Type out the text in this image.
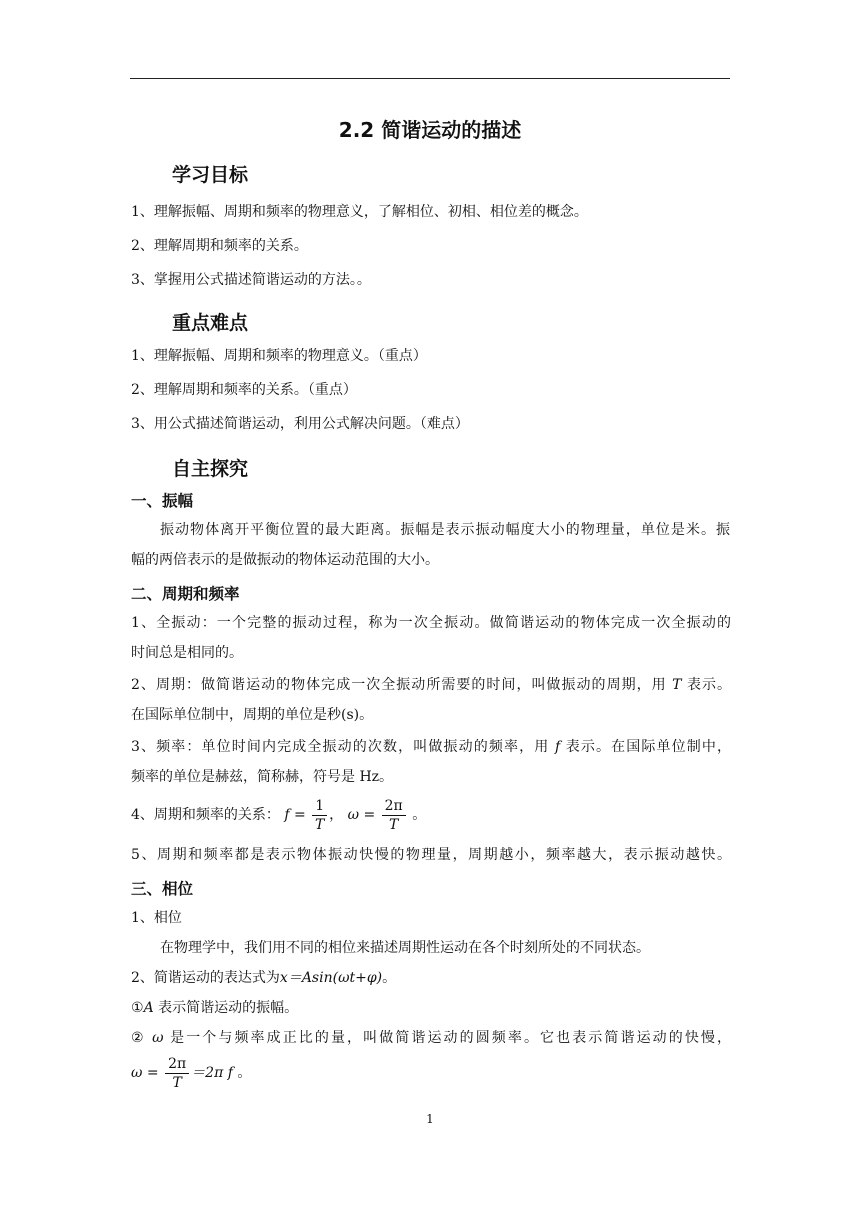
2.2 简谐运动的描述
学习目标
1、理解振幅、周期和频率的物理意义，了解相位、初相、相位差的概念。
2、理解周期和频率的关系。
3、掌握用公式描述简谐运动的方法。。
重点难点
1、理解振幅、周期和频率的物理意义。（重点）
2、理解周期和频率的关系。（重点）
3、用公式描述简谐运动，利用公式解决问题。（难点）
自主探究
一、振幅
振动物体离开平衡位置的最大距离。振幅是表示振动幅度大小的物理量，单位是米。振
幅的两倍表示的是做振动的物体运动范围的大小。
二、周期和频率
1、全振动：一个完整的振动过程，称为一次全振动。做简谐运动的物体完成一次全振动的
时间总是相同的。
2、周期：做简谐运动的物体完成一次全振动所需要的时间，叫做振动的周期，用 T 表示。
在国际单位制中，周期的单位是秒(s)。
3、频率：单位时间内完成全振动的次数，叫做振动的频率，用 f 表示。在国际单位制中，
频率的单位是赫兹，简称赫，符号是 Hz。
4、周期和频率的关系： $f = \frac{1}{T}$ ， $\omega = \frac{2\pi}{T}$ 。
5、周期和频率都是表示物体振动快慢的物理量，周期越小，频率越大，表示振动越快。
三、相位
1、相位
在物理学中，我们用不同的相位来描述周期性运动在各个时刻所处的不同状态。
2、简谐运动的表达式为x＝Asin(ωt+φ)。
①A 表示简谐运动的振幅。
② ω 是一个与频率成正比的量，叫做简谐运动的圆频率。它也表示简谐运动的快慢，
$\omega = \frac{2\pi}{T} =2\pi$ f 。
1
